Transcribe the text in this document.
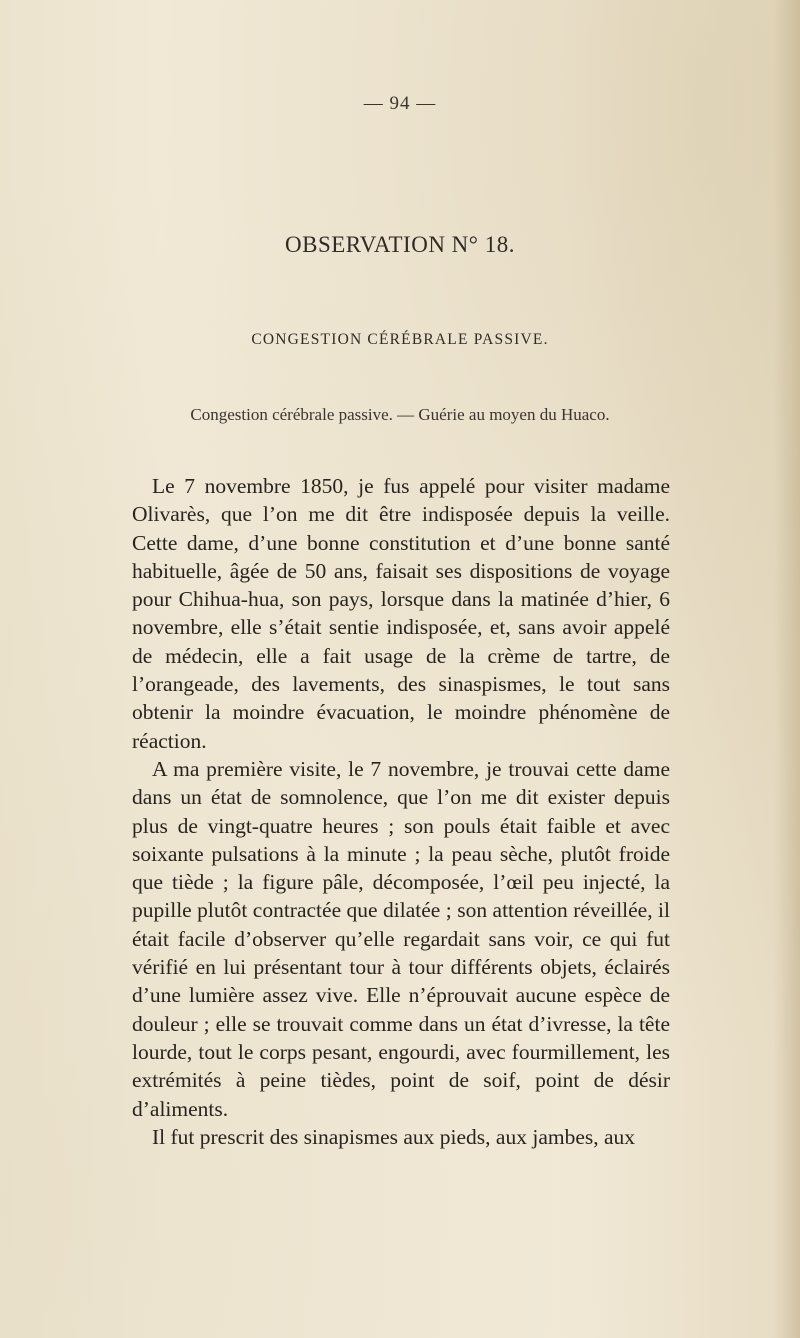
— 94 —
OBSERVATION N° 18.
CONGESTION CÉRÉBRALE PASSIVE.
Congestion cérébrale passive. — Guérie au moyen du Huaco.

Le 7 novembre 1850, je fus appelé pour visiter madame Olivarès, que l’on me dit être indisposée depuis la veille. Cette dame, d’une bonne constitution et d’une bonne santé habituelle, âgée de 50 ans, faisait ses dispositions de voyage pour Chihua-hua, son pays, lorsque dans la matinée d’hier, 6 novembre, elle s’était sentie indisposée, et, sans avoir appelé de médecin, elle a fait usage de la crème de tartre, de l’orangeade, des lavements, des sinaspismes, le tout sans obtenir la moindre évacuation, le moindre phénomène de réaction.

A ma première visite, le 7 novembre, je trouvai cette dame dans un état de somnolence, que l’on me dit exister depuis plus de vingt-quatre heures ; son pouls était faible et avec soixante pulsations à la minute ; la peau sèche, plutôt froide que tiède ; la figure pâle, décomposée, l’œil peu injecté, la pupille plutôt contractée que dilatée ; son attention réveillée, il était facile d’observer qu’elle regardait sans voir, ce qui fut vérifié en lui présentant tour à tour différents objets, éclairés d’une lumière assez vive. Elle n’éprouvait aucune espèce de douleur ; elle se trouvait comme dans un état d’ivresse, la tête lourde, tout le corps pesant, engourdi, avec fourmillement, les extrémités à peine tièdes, point de soif, point de désir d’aliments.

Il fut prescrit des sinapismes aux pieds, aux jambes, aux
